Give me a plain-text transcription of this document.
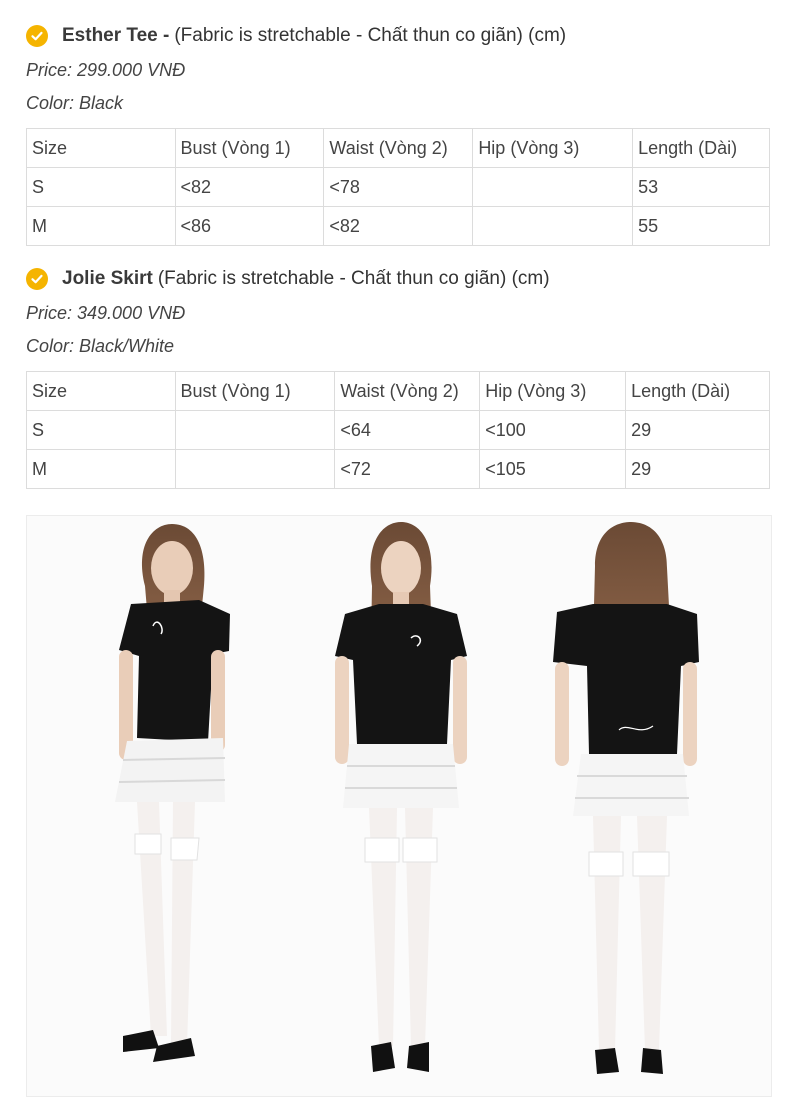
Esther Tee - (Fabric is stretchable - Chất thun co giãn) (cm)
Price: 299.000 VNĐ
Color: Black
Size	Bust (Vòng 1)	Waist (Vòng 2)	Hip (Vòng 3)	Length (Dài)
S	<82	<78		53
M	<86	<82		55
Jolie Skirt (Fabric is stretchable - Chất thun co giãn) (cm)
Price: 349.000 VNĐ
Color: Black/White
Size	Bust (Vòng 1)	Waist (Vòng 2)	Hip (Vòng 3)	Length (Dài)
S		<64	<100	29
M		<72	<105	29
